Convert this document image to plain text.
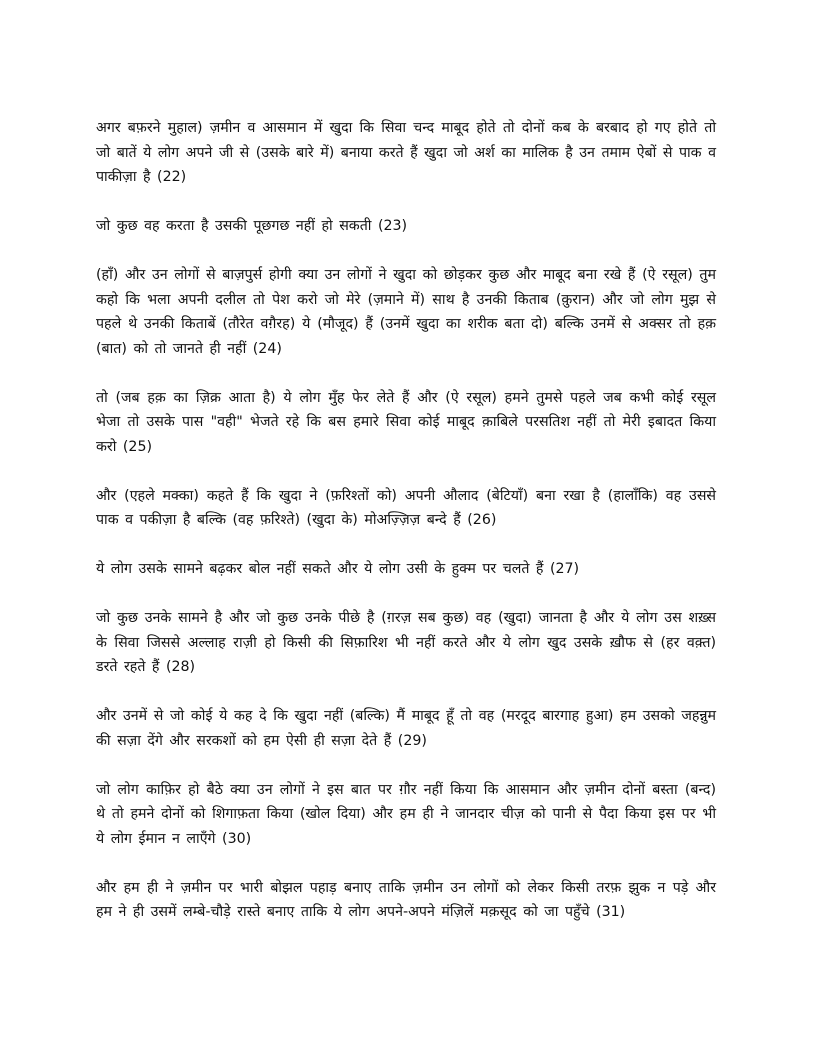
अगर बफ़रने मुहाल) ज़मीन व आसमान में खुदा कि सिवा चन्द माबूद होते तो दोनों कब के बरबाद हो गए होते तो जो बातें ये लोग अपने जी से (उसके बारे में) बनाया करते हैं खुदा जो अर्श का मालिक है उन तमाम ऐबों से पाक व पाकीज़ा है (22)

जो कुछ वह करता है उसकी पूछगछ नहीं हो सकती (23)

(हाँ) और उन लोगों से बाज़पुर्स होगी क्या उन लोगों ने खुदा को छोड़कर कुछ और माबूद बना रखे हैं (ऐ रसूल) तुम कहो कि भला अपनी दलील तो पेश करो जो मेरे (ज़माने में) साथ है उनकी किताब (क़ुरान) और जो लोग मुझ से पहले थे उनकी किताबें (तौरेत वग़ैरह) ये (मौजूद) हैं (उनमें खुदा का शरीक बता दो) बल्कि उनमें से अक्सर तो हक़ (बात) को तो जानते ही नहीं (24)

तो (जब हक़ का ज़िक्र आता है) ये लोग मुँह फेर लेते हैं और (ऐ रसूल) हमने तुमसे पहले जब कभी कोई रसूल भेजा तो उसके पास "वही" भेजते रहे कि बस हमारे सिवा कोई माबूद क़ाबिले परसतिश नहीं तो मेरी इबादत किया करो (25)

और (एहले मक्का) कहते हैं कि खुदा ने (फ़रिश्तों को) अपनी औलाद (बेटियाँ) बना रखा है (हालाँकि) वह उससे पाक व पकीज़ा है बल्कि (वह फ़रिश्ते) (खुदा के) मोअज़्ज़िज़ बन्दे हैं (26)

ये लोग उसके सामने बढ़कर बोल नहीं सकते और ये लोग उसी के हुक्म पर चलते हैं (27)

जो कुछ उनके सामने है और जो कुछ उनके पीछे है (ग़रज़ सब कुछ) वह (खुदा) जानता है और ये लोग उस शख़्स के सिवा जिससे अल्लाह राज़ी हो किसी की सिफ़ारिश भी नहीं करते और ये लोग खुद उसके ख़ौफ से (हर वक़्त) डरते रहते हैं (28)

और उनमें से जो कोई ये कह दे कि खुदा नहीं (बल्कि) मैं माबूद हूँ तो वह (मरदूद बारगाह हुआ) हम उसको जहन्नुम की सज़ा देंगे और सरकशों को हम ऐसी ही सज़ा देते हैं (29)

जो लोग काफ़िर हो बैठे क्या उन लोगों ने इस बात पर ग़ौर नहीं किया कि आसमान और ज़मीन दोनों बस्ता (बन्द) थे तो हमने दोनों को शिगाफ़ता किया (खोल दिया) और हम ही ने जानदार चीज़ को पानी से पैदा किया इस पर भी ये लोग ईमान न लाएँगे (30)

और हम ही ने ज़मीन पर भारी बोझल पहाड़ बनाए ताकि ज़मीन उन लोगों को लेकर किसी तरफ़ झुक न पड़े और हम ने ही उसमें लम्बे-चौड़े रास्ते बनाए ताकि ये लोग अपने-अपने मंज़िलें मक़सूद को जा पहुँचे (31)
